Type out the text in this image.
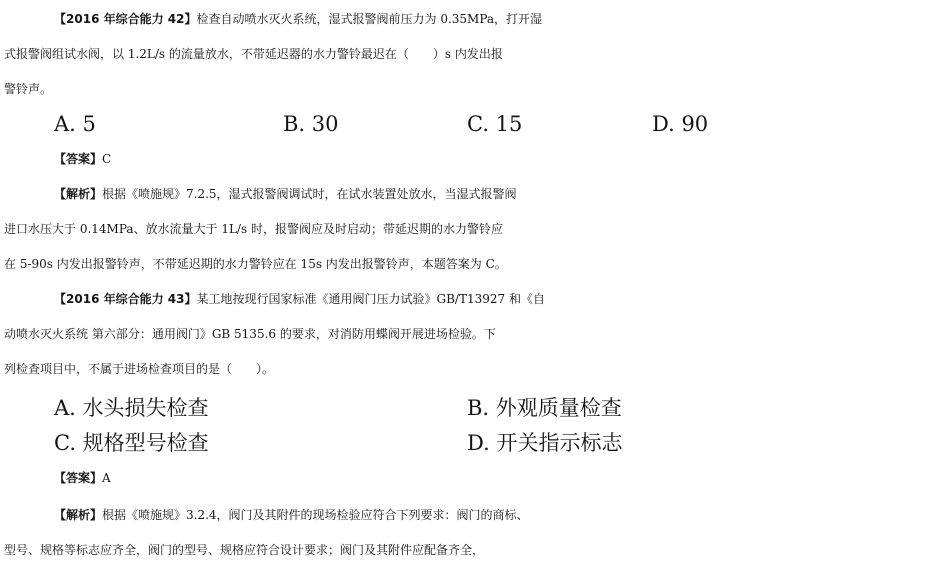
【2016 年综合能力 42】检查自动喷水灭火系统，湿式报警阀前压力为 0.35MPa，打开湿
式报警阀组试水阀，以 1.2L/s 的流量放水，不带延迟器的水力警铃最迟在（　　）s 内发出报
警铃声。
A. 5	B. 30	C. 15	D. 90
【答案】C
【解析】根据《喷施规》7.2.5，湿式报警阀调试时，在试水装置处放水，当湿式报警阀
进口水压大于 0.14MPa、放水流量大于 1L/s 时，报警阀应及时启动；带延迟期的水力警铃应
在 5-90s 内发出报警铃声，不带延迟期的水力警铃应在 15s 内发出报警铃声，本题答案为 C。
【2016 年综合能力 43】某工地按现行国家标准《通用阀门压力试验》GB/T13927 和《自
动喷水灭火系统 第六部分：通用阀门》GB 5135.6 的要求，对消防用蝶阀开展进场检验。下
列检查项目中，不属于进场检查项目的是（　　）。
A. 水头损失检查	B. 外观质量检查
C. 规格型号检查	D. 开关指示标志
【答案】A
【解析】根据《喷施规》3.2.4，阀门及其附件的现场检验应符合下列要求：阀门的商标、
型号、规格等标志应齐全，阀门的型号、规格应符合设计要求；阀门及其附件应配备齐全，
